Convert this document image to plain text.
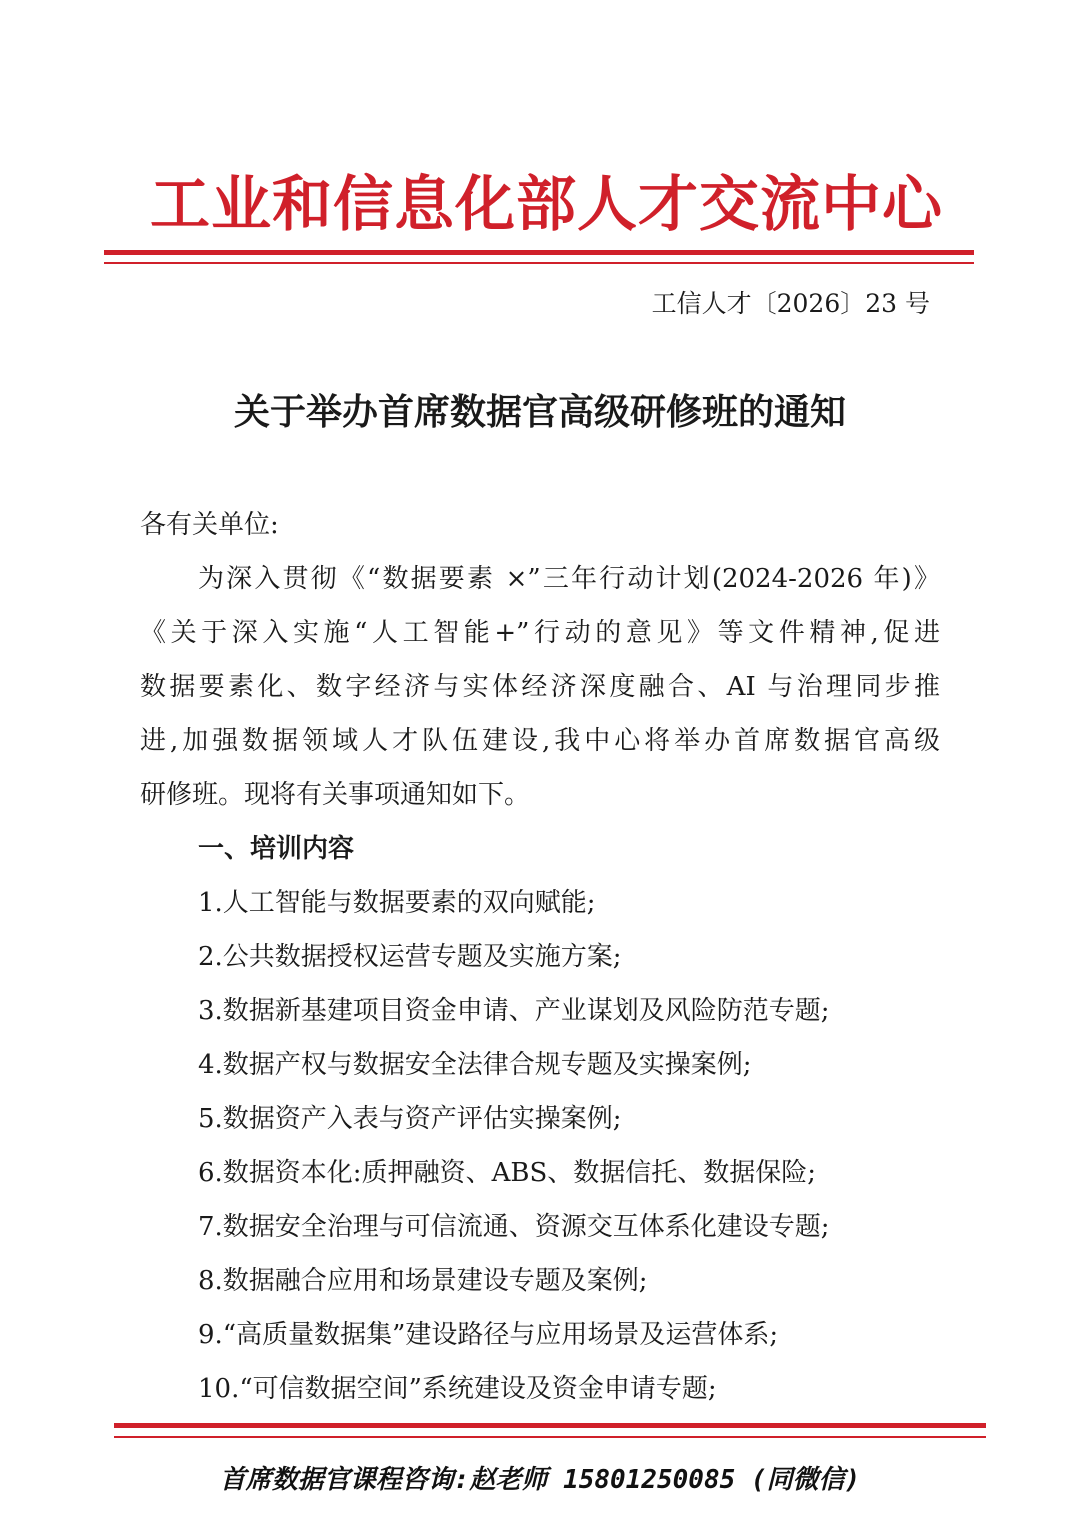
工业和信息化部人才交流中心
工信人才〔2026〕23 号
关于举办首席数据官高级研修班的通知
各有关单位:
为深入贯彻《“数据要素 ×”三年行动计划(2024-2026 年)》
《关于深入实施“人工智能+”行动的意见》等文件精神,促进
数据要素化、数字经济与实体经济深度融合、AI 与治理同步推
进,加强数据领域人才队伍建设,我中心将举办首席数据官高级
研修班。现将有关事项通知如下。
一、培训内容
1.人工智能与数据要素的双向赋能;
2.公共数据授权运营专题及实施方案;
3.数据新基建项目资金申请、产业谋划及风险防范专题;
4.数据产权与数据安全法律合规专题及实操案例;
5.数据资产入表与资产评估实操案例;
6.数据资本化:质押融资、ABS、数据信托、数据保险;
7.数据安全治理与可信流通、资源交互体系化建设专题;
8.数据融合应用和场景建设专题及案例;
9.“高质量数据集”建设路径与应用场景及运营体系;
10.“可信数据空间”系统建设及资金申请专题;
首席数据官课程咨询:赵老师 15801250085 (同微信)
